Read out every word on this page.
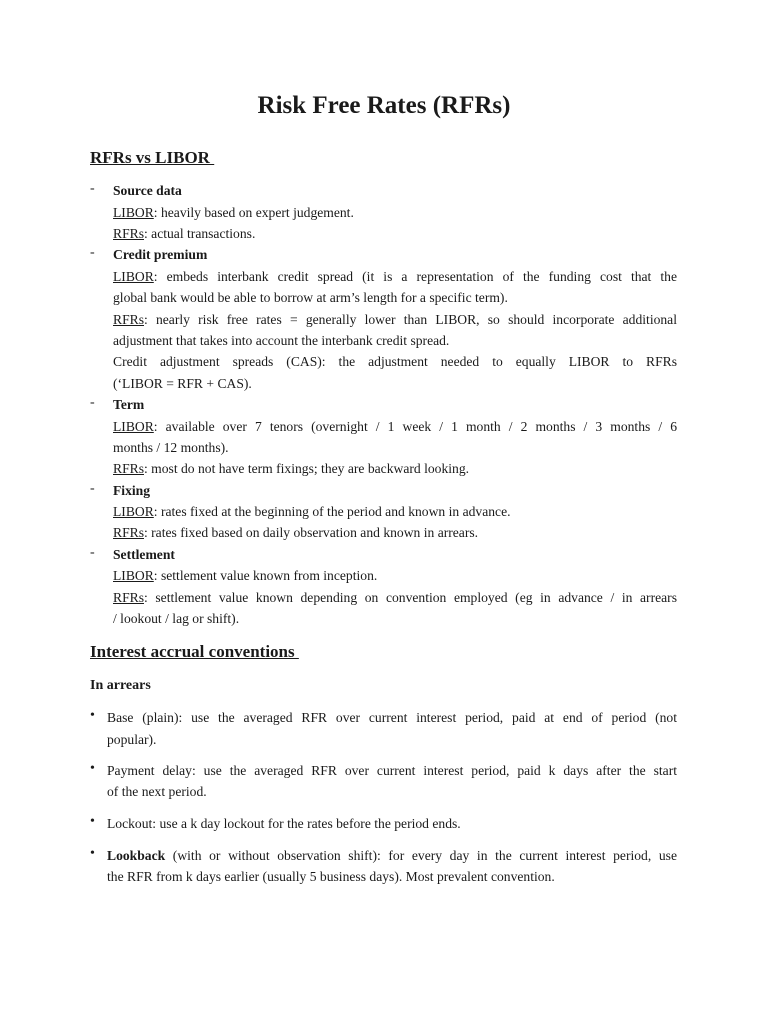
Risk Free Rates (RFRs)
RFRs vs LIBOR
- Source data

LIBOR: heavily based on expert judgement.

RFRs: actual transactions.

- Credit premium

LIBOR: embeds interbank credit spread (it is a representation of the funding cost that the

global bank would be able to borrow at arm’s length for a specific term).

RFRs: nearly risk free rates = generally lower than LIBOR, so should incorporate additional

adjustment that takes into account the interbank credit spread.

Credit adjustment spreads (CAS): the adjustment needed to equally LIBOR to RFRs

(‘LIBOR = RFR + CAS).

- Term

LIBOR: available over 7 tenors (overnight / 1 week / 1 month / 2 months / 3 months / 6

months / 12 months).

RFRs: most do not have term fixings; they are backward looking.

- Fixing

LIBOR: rates fixed at the beginning of the period and known in advance.

RFRs: rates fixed based on daily observation and known in arrears.

- Settlement

LIBOR: settlement value known from inception.

RFRs: settlement value known depending on convention employed (eg in advance / in arrears

/ lookout / lag or shift).

Interest accrual conventions
In arrears
• Base (plain): use the averaged RFR over current interest period, paid at end of period (not

popular).

• Payment delay: use the averaged RFR over current interest period, paid k days after the start

of the next period.

• Lockout: use a k day lockout for the rates before the period ends.

• Lookback (with or without observation shift): for every day in the current interest period, use

the RFR from k days earlier (usually 5 business days). Most prevalent convention.
